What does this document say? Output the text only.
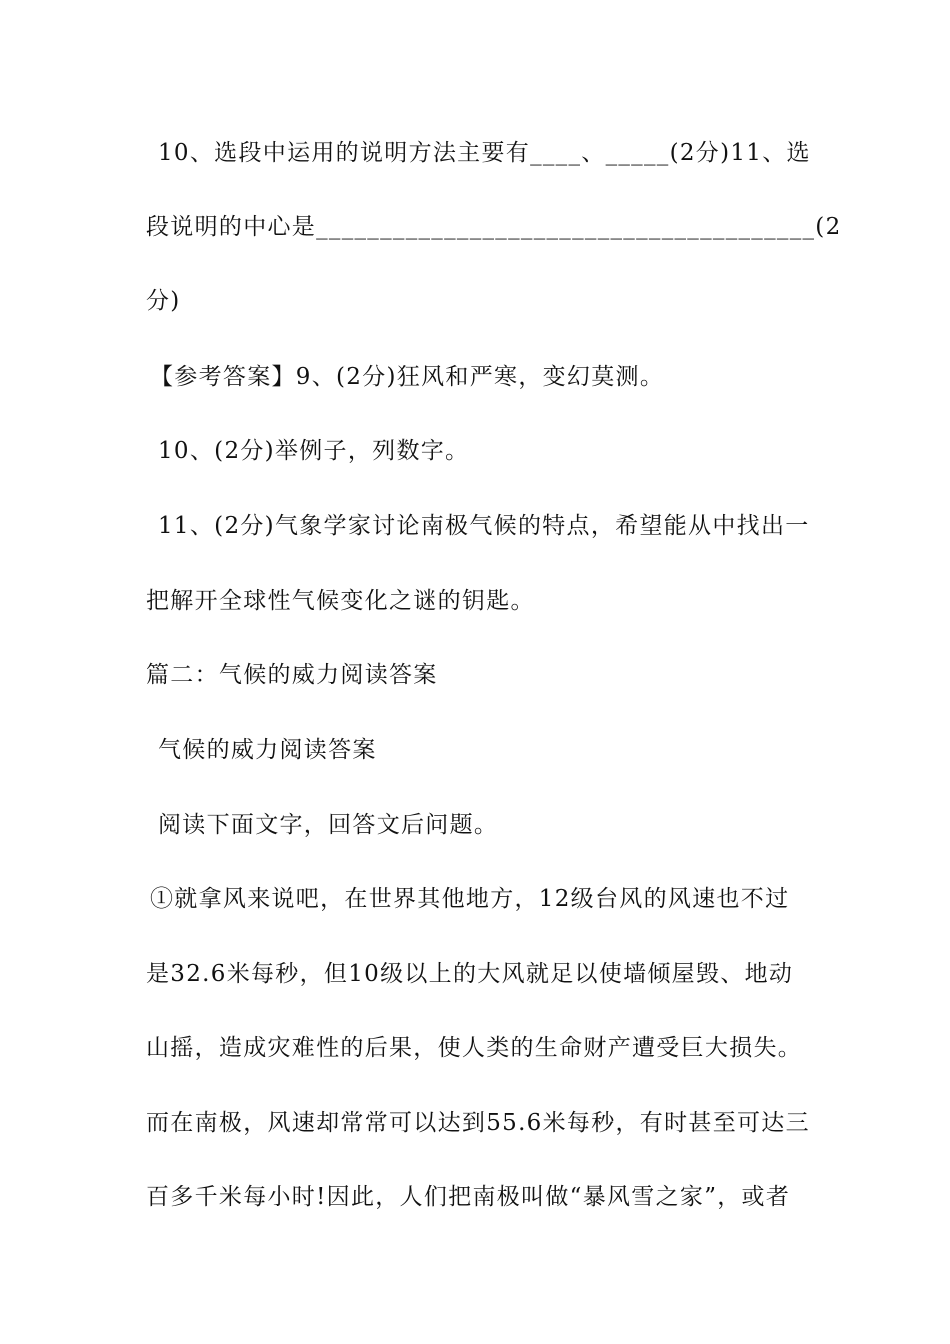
10、选段中运用的说明方法主要有____、_____(2分)11、选
段说明的中心是_______________________________________(2
分)
【参考答案】9、(2分)狂风和严寒，变幻莫测。
10、(2分)举例子，列数字。
11、(2分)气象学家讨论南极气候的特点，希望能从中找出一
把解开全球性气候变化之谜的钥匙。
篇二：气候的威力阅读答案
气候的威力阅读答案
阅读下面文字，回答文后问题。
①就拿风来说吧，在世界其他地方，12级台风的风速也不过
是32.6米每秒，但10级以上的大风就足以使墙倾屋毁、地动
山摇，造成灾难性的后果，使人类的生命财产遭受巨大损失。
而在南极，风速却常常可以达到55.6米每秒，有时甚至可达三
百多千米每小时!因此，人们把南极叫做“暴风雪之家”，或者
